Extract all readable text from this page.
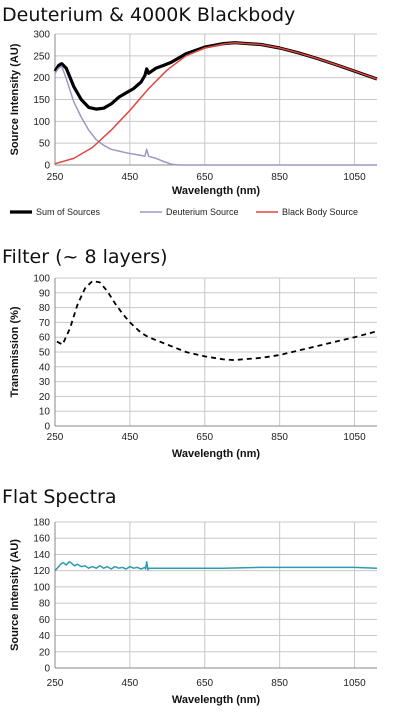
Deuterium & 4000K Blackbody
0
50
100
150
200
250
300
250	450	650	850	1050
Wavelength (nm)
Source Intensity (AU)
Sum of Sources	Deuterium Source	Black Body Source
Filter (~ 8 layers)
0
10
20
30
40
50
60
70
80
90
100
250	450	650	850	1050
Wavelength (nm)
Transmission (%)
Flat Spectra
0
20
40
60
80
100
120
140
160
180
250	450	650	850	1050
Wavelength (nm)
Source Intensity (AU)
